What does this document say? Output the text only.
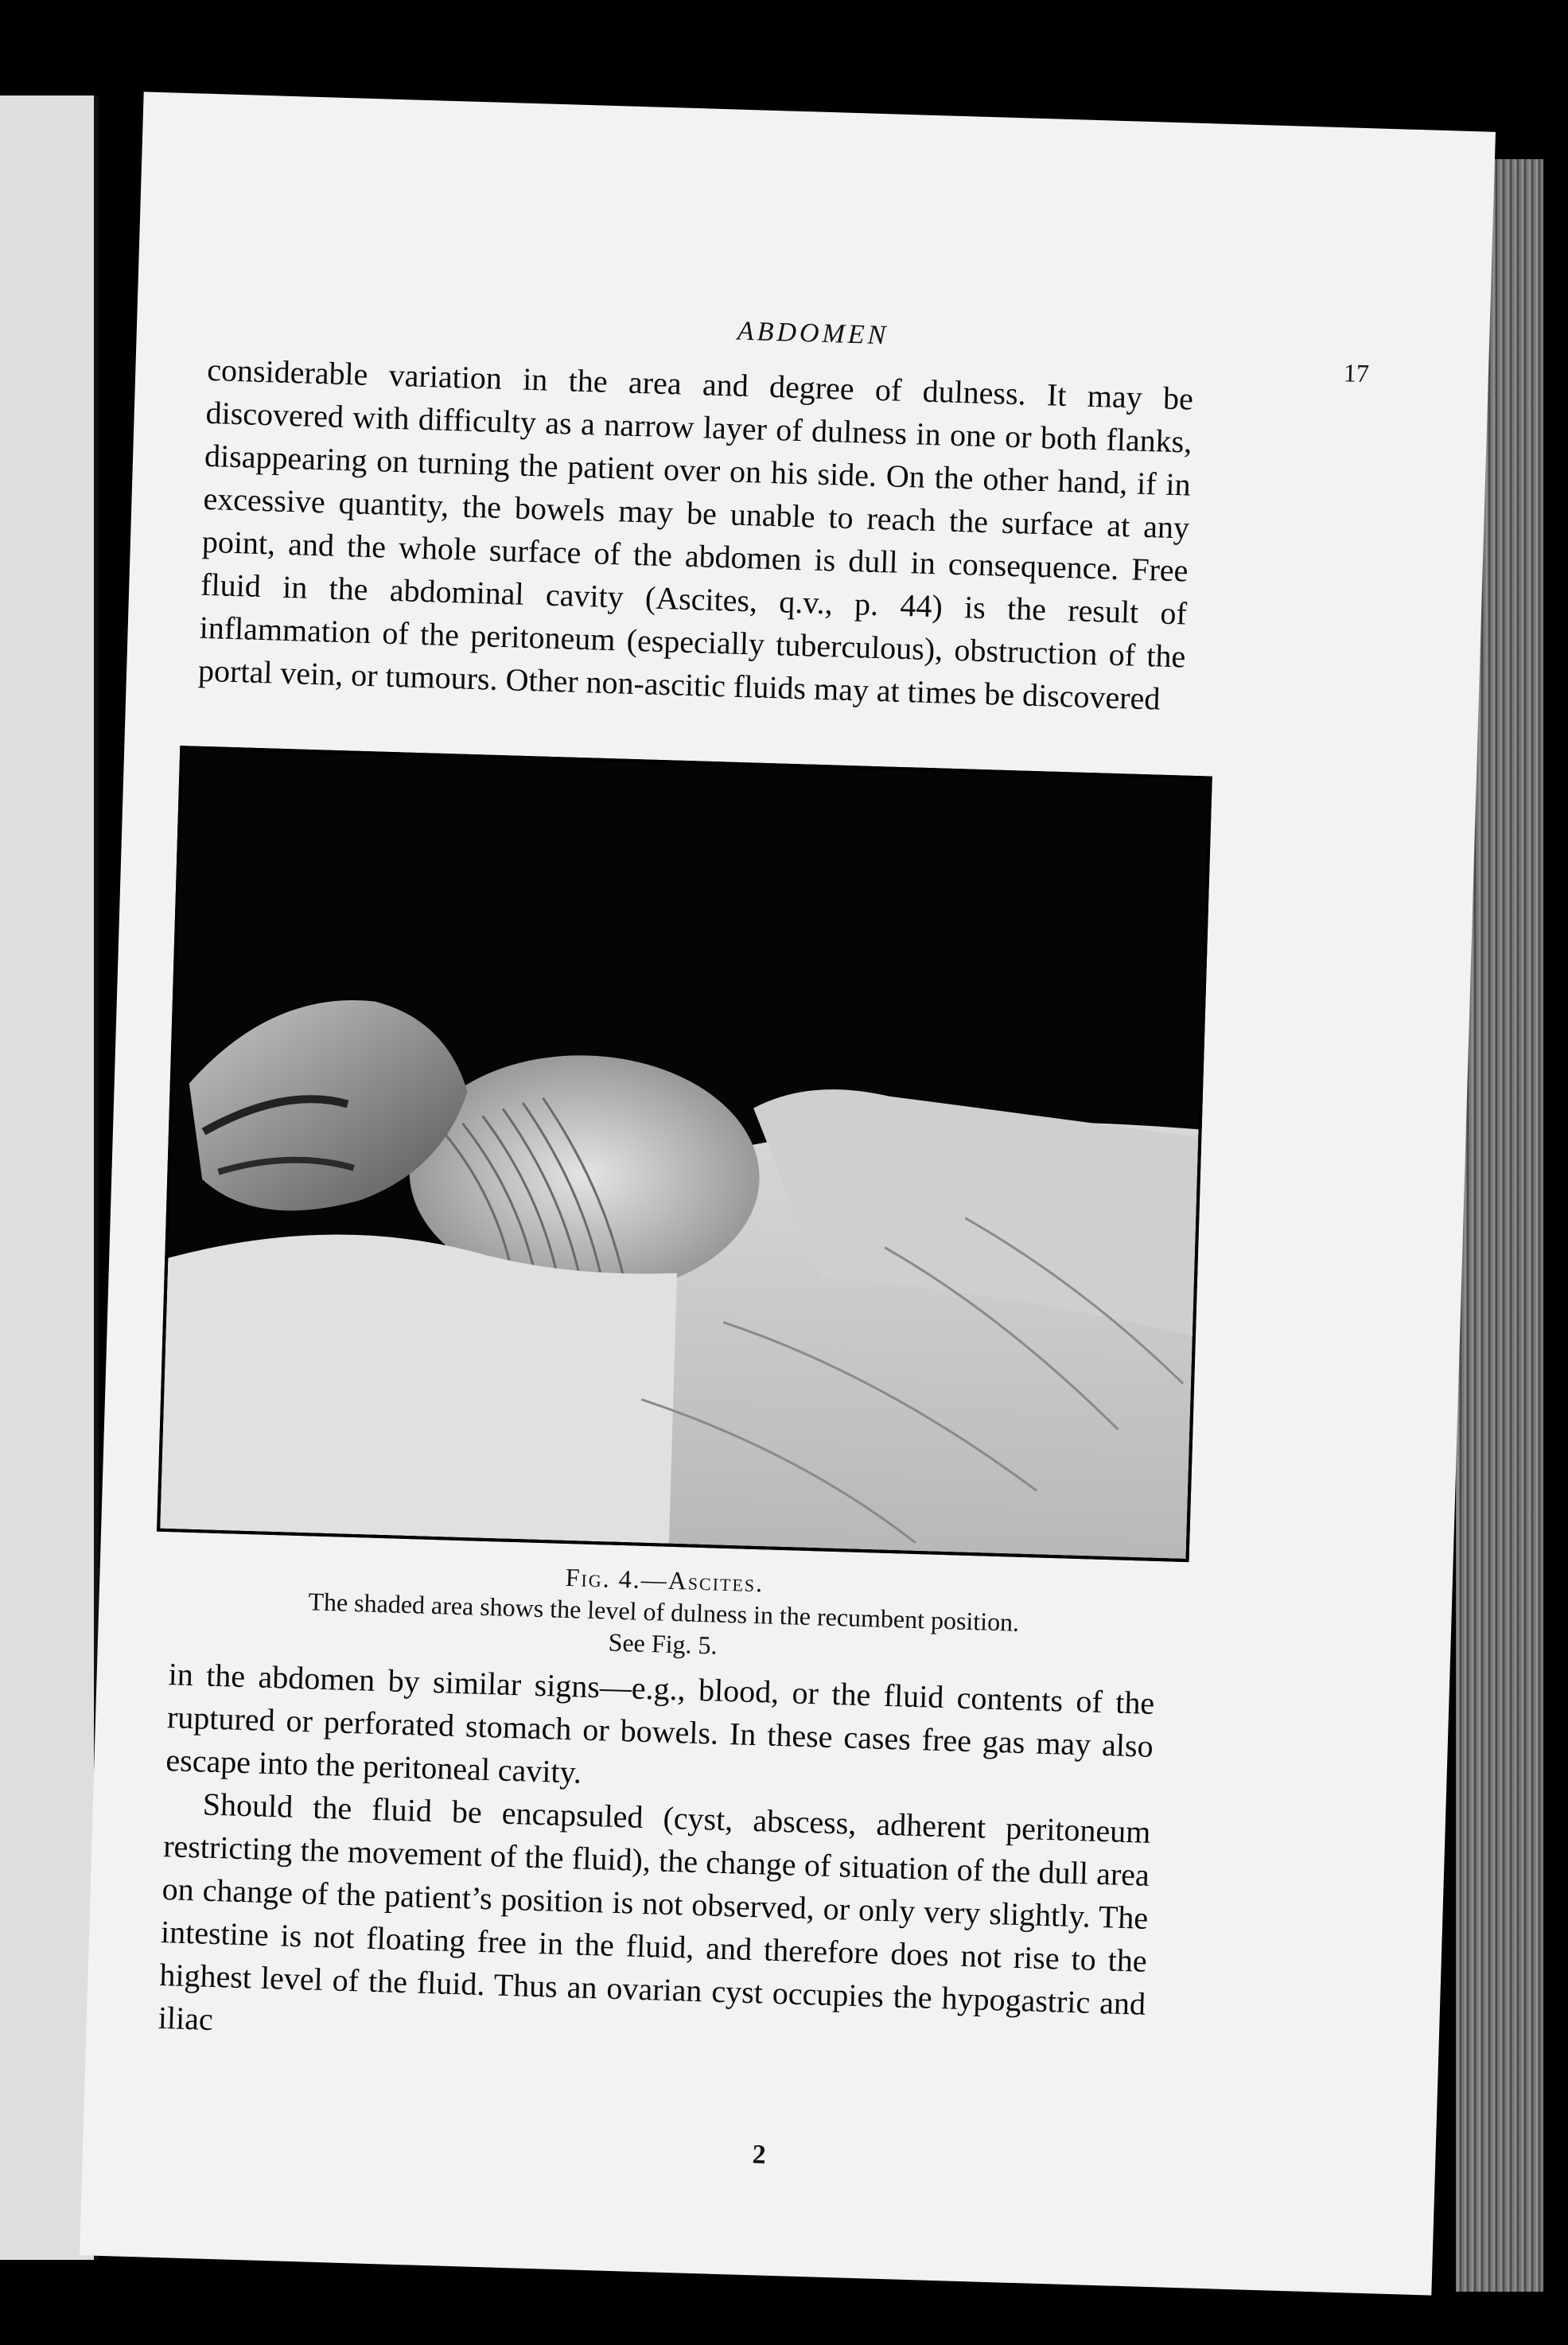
ABDOMEN
17

considerable variation in the area and degree of dulness. It may be discovered with difficulty as a narrow layer of dulness in one or both flanks, disappearing on turning the patient over on his side. On the other hand, if in excessive quantity, the bowels may be unable to reach the surface at any point, and the whole surface of the abdomen is dull in consequence. Free fluid in the abdominal cavity (Ascites, q.v., p. 44) is the result of inflammation of the peritoneum (especially tuberculous), obstruction of the portal vein, or tumours. Other non-ascitic fluids may at times be discovered

Fig. 4.—Ascites.
The shaded area shows the level of dulness in the recumbent position.
See Fig. 5.

in the abdomen by similar signs—e.g., blood, or the fluid contents of the ruptured or perforated stomach or bowels. In these cases free gas may also escape into the peritoneal cavity.

Should the fluid be encapsuled (cyst, abscess, adherent peritoneum restricting the movement of the fluid), the change of situation of the dull area on change of the patient’s position is not observed, or only very slightly. The intestine is not floating free in the fluid, and therefore does not rise to the highest level of the fluid. Thus an ovarian cyst occupies the hypogastric and iliac

2
